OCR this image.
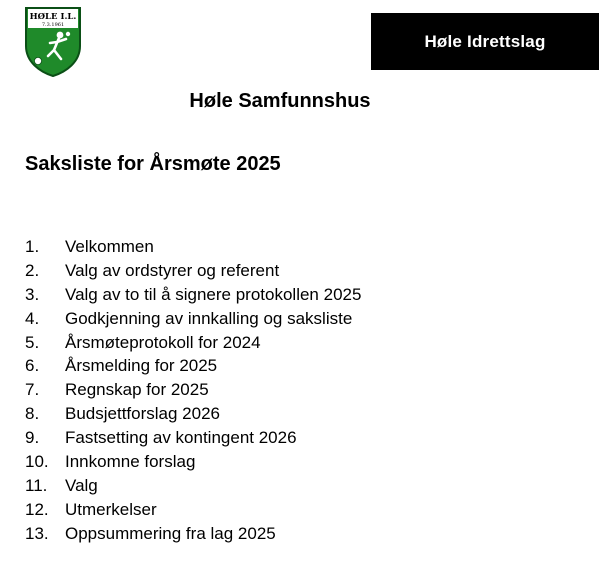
HØLE I.L.
7.3.1961
Høle Idrettslag
Høle Samfunnshus
Saksliste for Årsmøte 2025
1.	Velkommen
2.	Valg av ordstyrer og referent
3.	Valg av to til å signere protokollen 2025
4.	Godkjenning av innkalling og saksliste
5.	Årsmøteprotokoll for 2024
6.	Årsmelding for 2025
7.	Regnskap for 2025
8.	Budsjettforslag 2026
9.	Fastsetting av kontingent 2026
10. Innkomne forslag
11.	Valg
12. Utmerkelser
13. Oppsummering fra lag 2025
